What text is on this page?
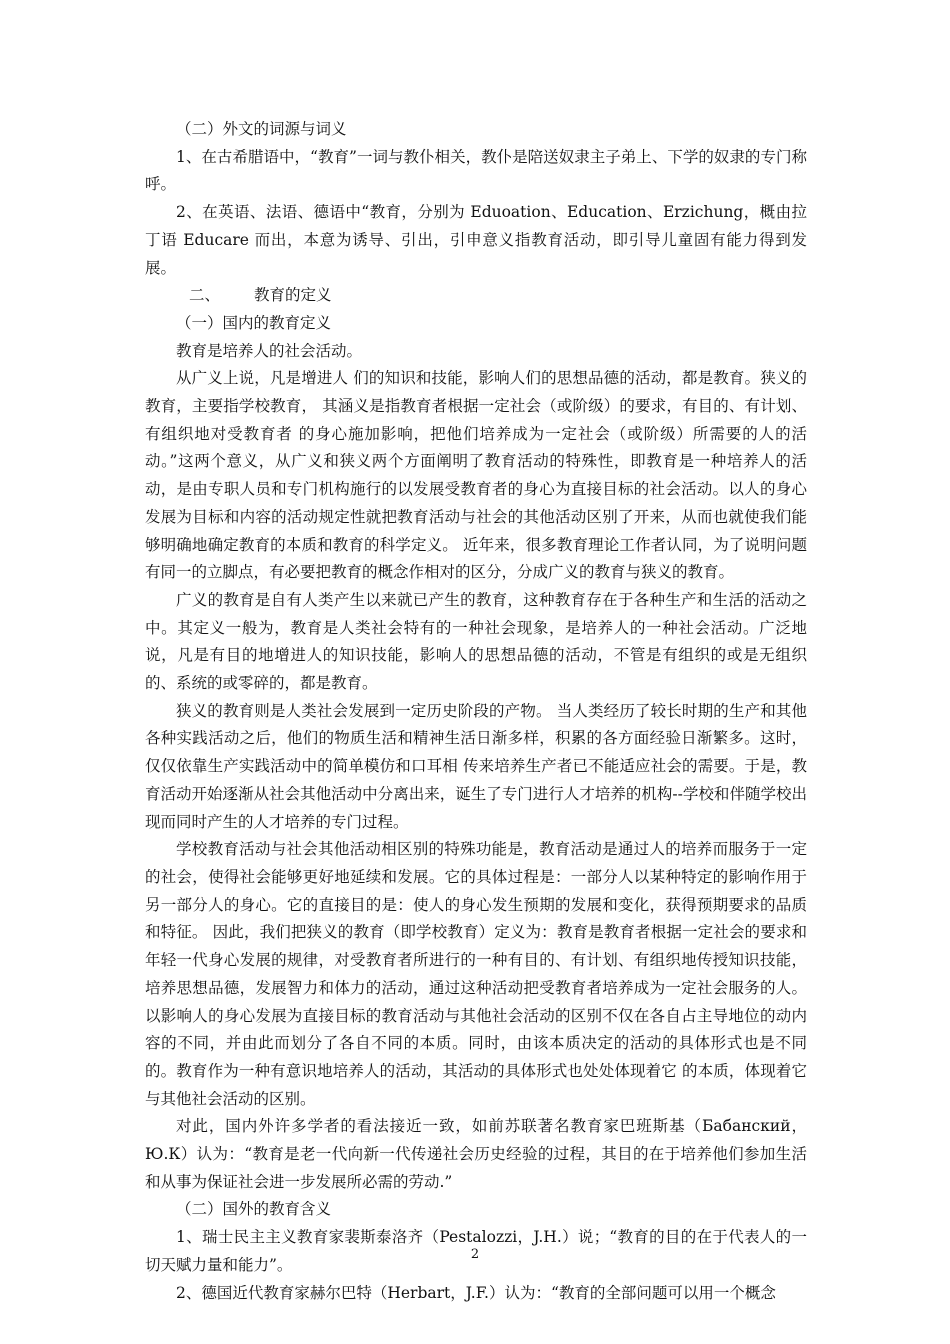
（二）外文的词源与词义

1、在古希腊语中，“教育”一词与教仆相关，教仆是陪送奴隶主子弟上、下学的奴隶的专门称呼。

2、在英语、法语、德语中“教育，分别为 Eduoation、Education、Erzichung，概由拉丁语 Educare 而出，本意为诱导、引出，引申意义指教育活动，即引导儿童固有能力得到发展。

二、 教育的定义

（一）国内的教育定义

教育是培养人的社会活动。

从广义上说，凡是增进人 们的知识和技能，影响人们的思想品德的活动，都是教育。狭义的教育，主要指学校教育， 其涵义是指教育者根据一定社会（或阶级）的要求，有目的、有计划、有组织地对受教育者 的身心施加影响，把他们培养成为一定社会（或阶级）所需要的人的活动。”这两个意义，从广义和狭义两个方面阐明了教育活动的特殊性，即教育是一种培养人的活动，是由专职人员和专门机构施行的以发展受教育者的身心为直接目标的社会活动。以人的身心发展为目标和内容的活动规定性就把教育活动与社会的其他活动区别了开来，从而也就使我们能够明确地确定教育的本质和教育的科学定义。 近年来，很多教育理论工作者认同，为了说明问题有同一的立脚点，有必要把教育的概念作相对的区分，分成广义的教育与狭义的教育。

广义的教育是自有人类产生以来就已产生的教育，这种教育存在于各种生产和生活的活动之中。其定义一般为，教育是人类社会特有的一种社会现象，是培养人的一种社会活动。广泛地说，凡是有目的地增进人的知识技能，影响人的思想品德的活动，不管是有组织的或是无组织的、系统的或零碎的，都是教育。

狭义的教育则是人类社会发展到一定历史阶段的产物。 当人类经历了较长时期的生产和其他各种实践活动之后，他们的物质生活和精神生活日渐多样，积累的各方面经验日渐繁多。这时，仅仅依靠生产实践活动中的简单模仿和口耳相 传来培养生产者已不能适应社会的需要。于是，教育活动开始逐渐从社会其他活动中分离出来，诞生了专门进行人才培养的机构--学校和伴随学校出现而同时产生的人才培养的专门过程。

学校教育活动与社会其他活动相区别的特殊功能是，教育活动是通过人的培养而服务于一定的社会，使得社会能够更好地延续和发展。它的具体过程是：一部分人以某种特定的影响作用于另一部分人的身心。它的直接目的是：使人的身心发生预期的发展和变化，获得预期要求的品质和特征。 因此，我们把狭义的教育（即学校教育）定义为：教育是教育者根据一定社会的要求和年轻一代身心发展的规律，对受教育者所进行的一种有目的、有计划、有组织地传授知识技能，培养思想品德，发展智力和体力的活动，通过这种活动把受教育者培养成为一定社会服务的人。 以影响人的身心发展为直接目标的教育活动与其他社会活动的区别不仅在各自占主导地位的动内容的不同，并由此而划分了各自不同的本质。同时，由该本质决定的活动的具体形式也是不同的。教育作为一种有意识地培养人的活动，其活动的具体形式也处处体现着它 的本质，体现着它与其他社会活动的区别。

对此，国内外许多学者的看法接近一致，如前苏联著名教育家巴班斯基（Бабанский，Ю.К）认为：“教育是老一代向新一代传递社会历史经验的过程，其目的在于培养他们参加生活和从事为保证社会进一步发展所必需的劳动.”

（二）国外的教育含义

1、瑞士民主主义教育家裴斯泰洛齐（Pestalozzi，J.H.）说；“教育的目的在于代表人的一切天赋力量和能力”。

2、德国近代教育家赫尔巴特（Herbart，J.F.）认为：“教育的全部问题可以用一个概念

2
